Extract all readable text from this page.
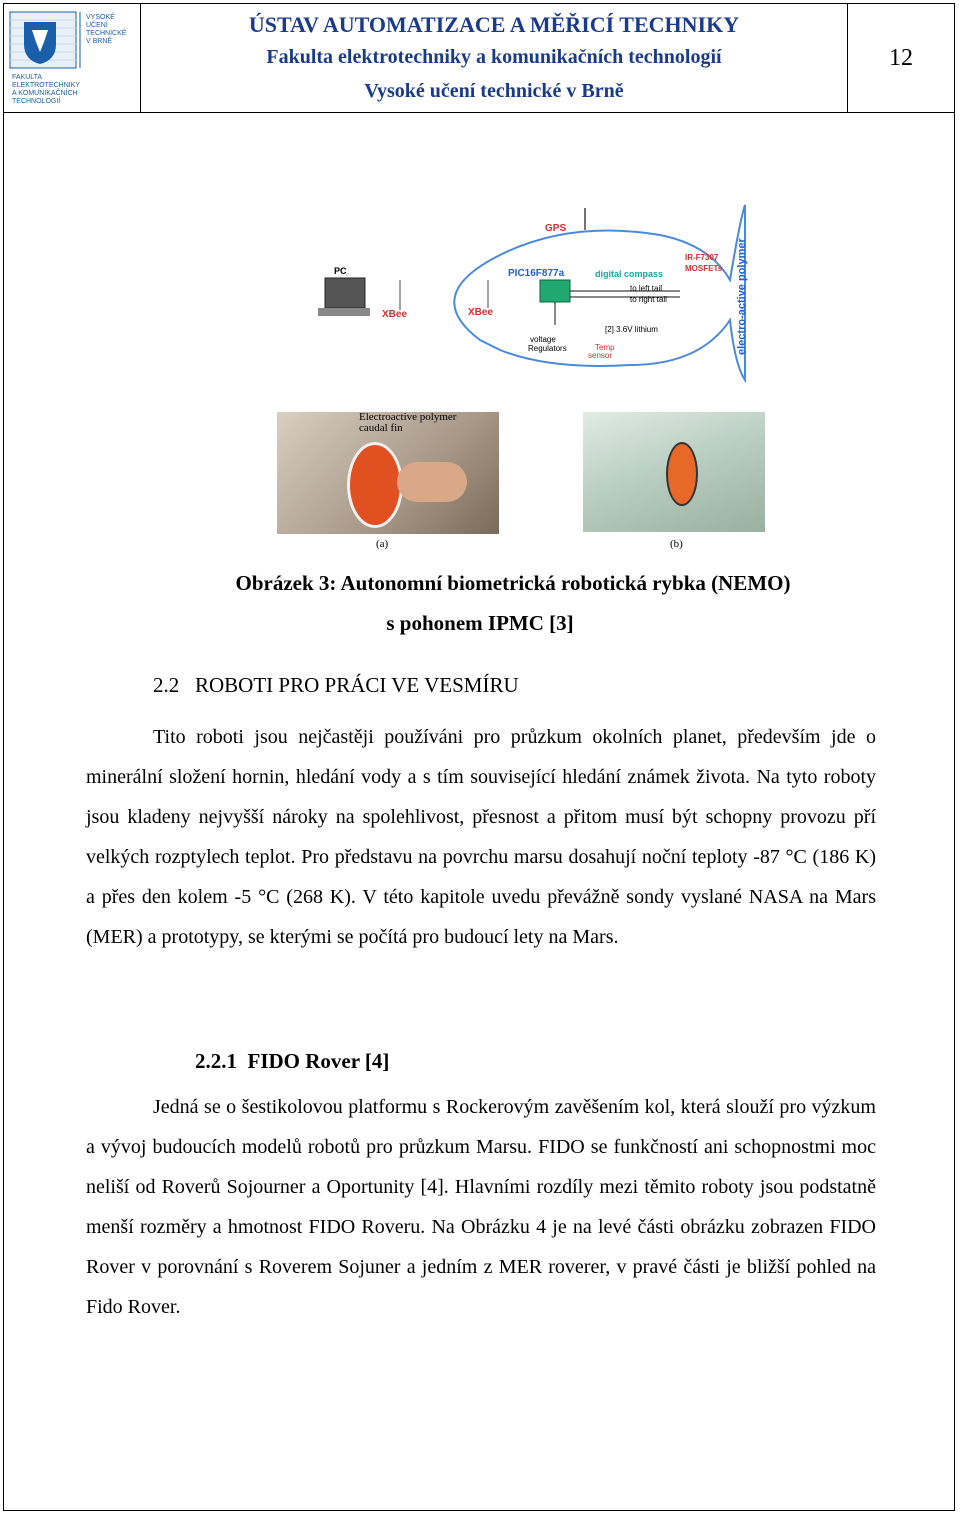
VYSOKÉ
UČENÍ
TECHNICKÉ
V BRNĚ
FAKULTA
ELEKTROTECHNIKY
A KOMUNIKAČNÍCH
TECHNOLOGIÍ
ÚSTAV AUTOMATIZACE A MĚŘICÍ TECHNIKY
Fakulta elektrotechniky a komunikačních technologií
Vysoké učení technické v Brně
12
GPS
PIC16F877a	digital compass
IR-F7307
MOSFETs
to left tail
to right tail
[2] 3.6V lithium
voltage
Regulators	Temp
sensor
electro-active polymer
XBee	XBee
PC
Electroactive polymer caudal fin
(a)	(b)
Obrázek 3: Autonomní biometrická robotická rybka (NEMO)
s pohonem IPMC [3]
2.2 ROBOTI PRO PRÁCI VE VESMÍRU

Tito roboti jsou nejčastěji používáni pro průzkum okolních planet, především jde o minerální složení hornin, hledání vody a s tím související hledání známek života. Na tyto roboty jsou kladeny nejvyšší nároky na spolehlivost, přesnost a přitom musí být schopny provozu pří velkých rozptylech teplot. Pro představu na povrchu marsu dosahují noční teploty -87 °C (186 K) a přes den kolem -5 °C (268 K). V této kapitole uvedu převážně sondy vyslané NASA na Mars (MER) a prototypy, se kterými se počítá pro budoucí lety na Mars.

2.2.1 FIDO Rover [4]

Jedná se o šestikolovou platformu s Rockerovým zavěšením kol, která slouží pro výzkum a vývoj budoucích modelů robotů pro průzkum Marsu. FIDO se funkčností ani schopnostmi moc neliší od Roverů Sojourner a Oportunity [4]. Hlavními rozdíly mezi těmito roboty jsou podstatně menší rozměry a hmotnost FIDO Roveru. Na Obrázku 4 je na levé části obrázku zobrazen FIDO Rover v porovnání s Roverem Sojuner a jedním z MER roverer, v pravé části je bližší pohled na Fido Rover.
